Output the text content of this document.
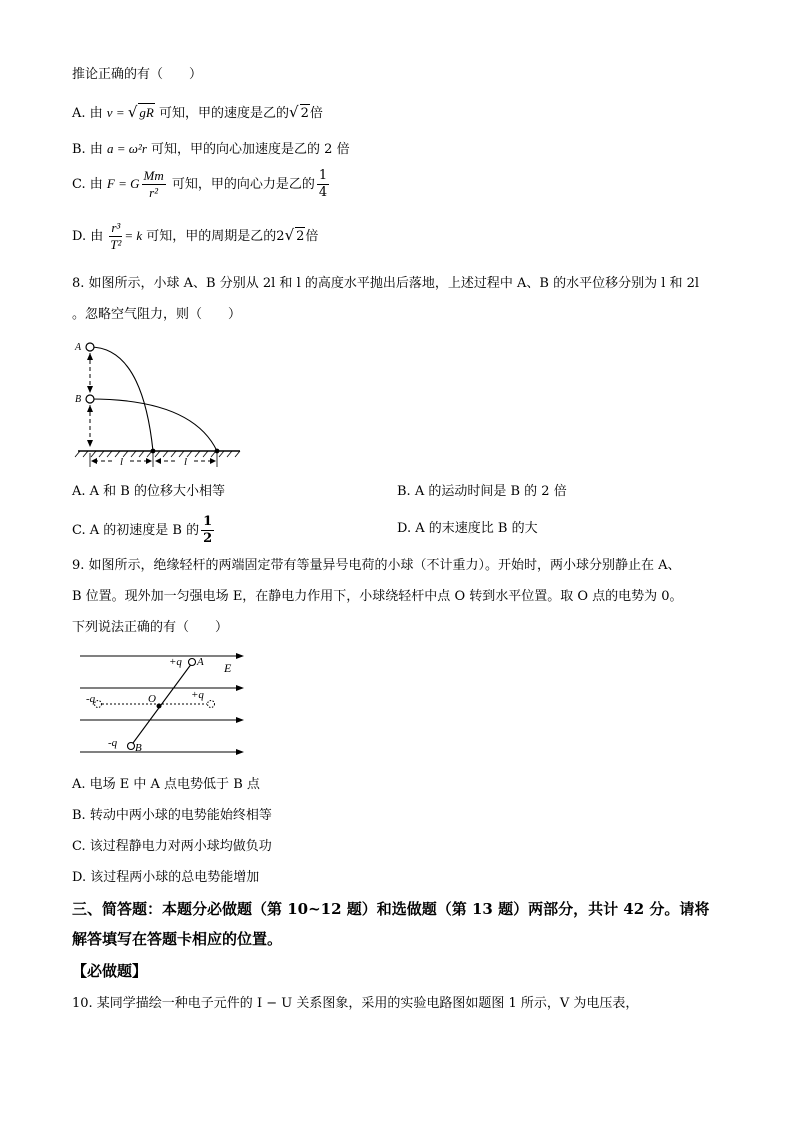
推论正确的有（　　）
A. 由 v = √ gR 可知，甲的速度是乙的√ 2倍
B. 由 a = ω²r 可知，甲的向心加速度是乙的 2 倍
C. 由 F = G $\frac{Mm}{\text{r²}}$ 可知，甲的向心力是乙的 $\frac{1}{4}$
D. 由 $\frac{\text{r³}}{\text{T²}} = k$ 可知，甲的周期是乙的2√ 2倍
8. 如图所示，小球 A、B 分别从 2l 和 l 的高度水平抛出后落地，上述过程中 A、B 的水平位移分别为 l 和 2l
。忽略空气阻力，则（　　）
A
B
l	l
A. A 和 B 的位移大小相等	B. A 的运动时间是 B 的 2 倍
C. A 的初速度是 B 的 $\frac{1}{2}$	D. A 的末速度比 B 的大
9. 如图所示，绝缘轻杆的两端固定带有等量异号电荷的小球（不计重力）。开始时，两小球分别静止在 A、
B 位置。现外加一匀强电场 E，在静电力作用下，小球绕轻杆中点 O 转到水平位置。取 O 点的电势为 0。
下列说法正确的有（　　）
+q A E
O
-q	+q
-q B
A. 电场 E 中 A 点电势低于 B 点
B. 转动中两小球的电势能始终相等
C. 该过程静电力对两小球均做负功
D. 该过程两小球的总电势能增加
三、简答题：本题分必做题（第 10~12 题）和选做题（第 13 题）两部分，共计 42 分。请将
解答填写在答题卡相应的位置。
【必做题】
10. 某同学描绘一种电子元件的 I − U 关系图象，采用的实验电路图如题图 1 所示，V 为电压表，
